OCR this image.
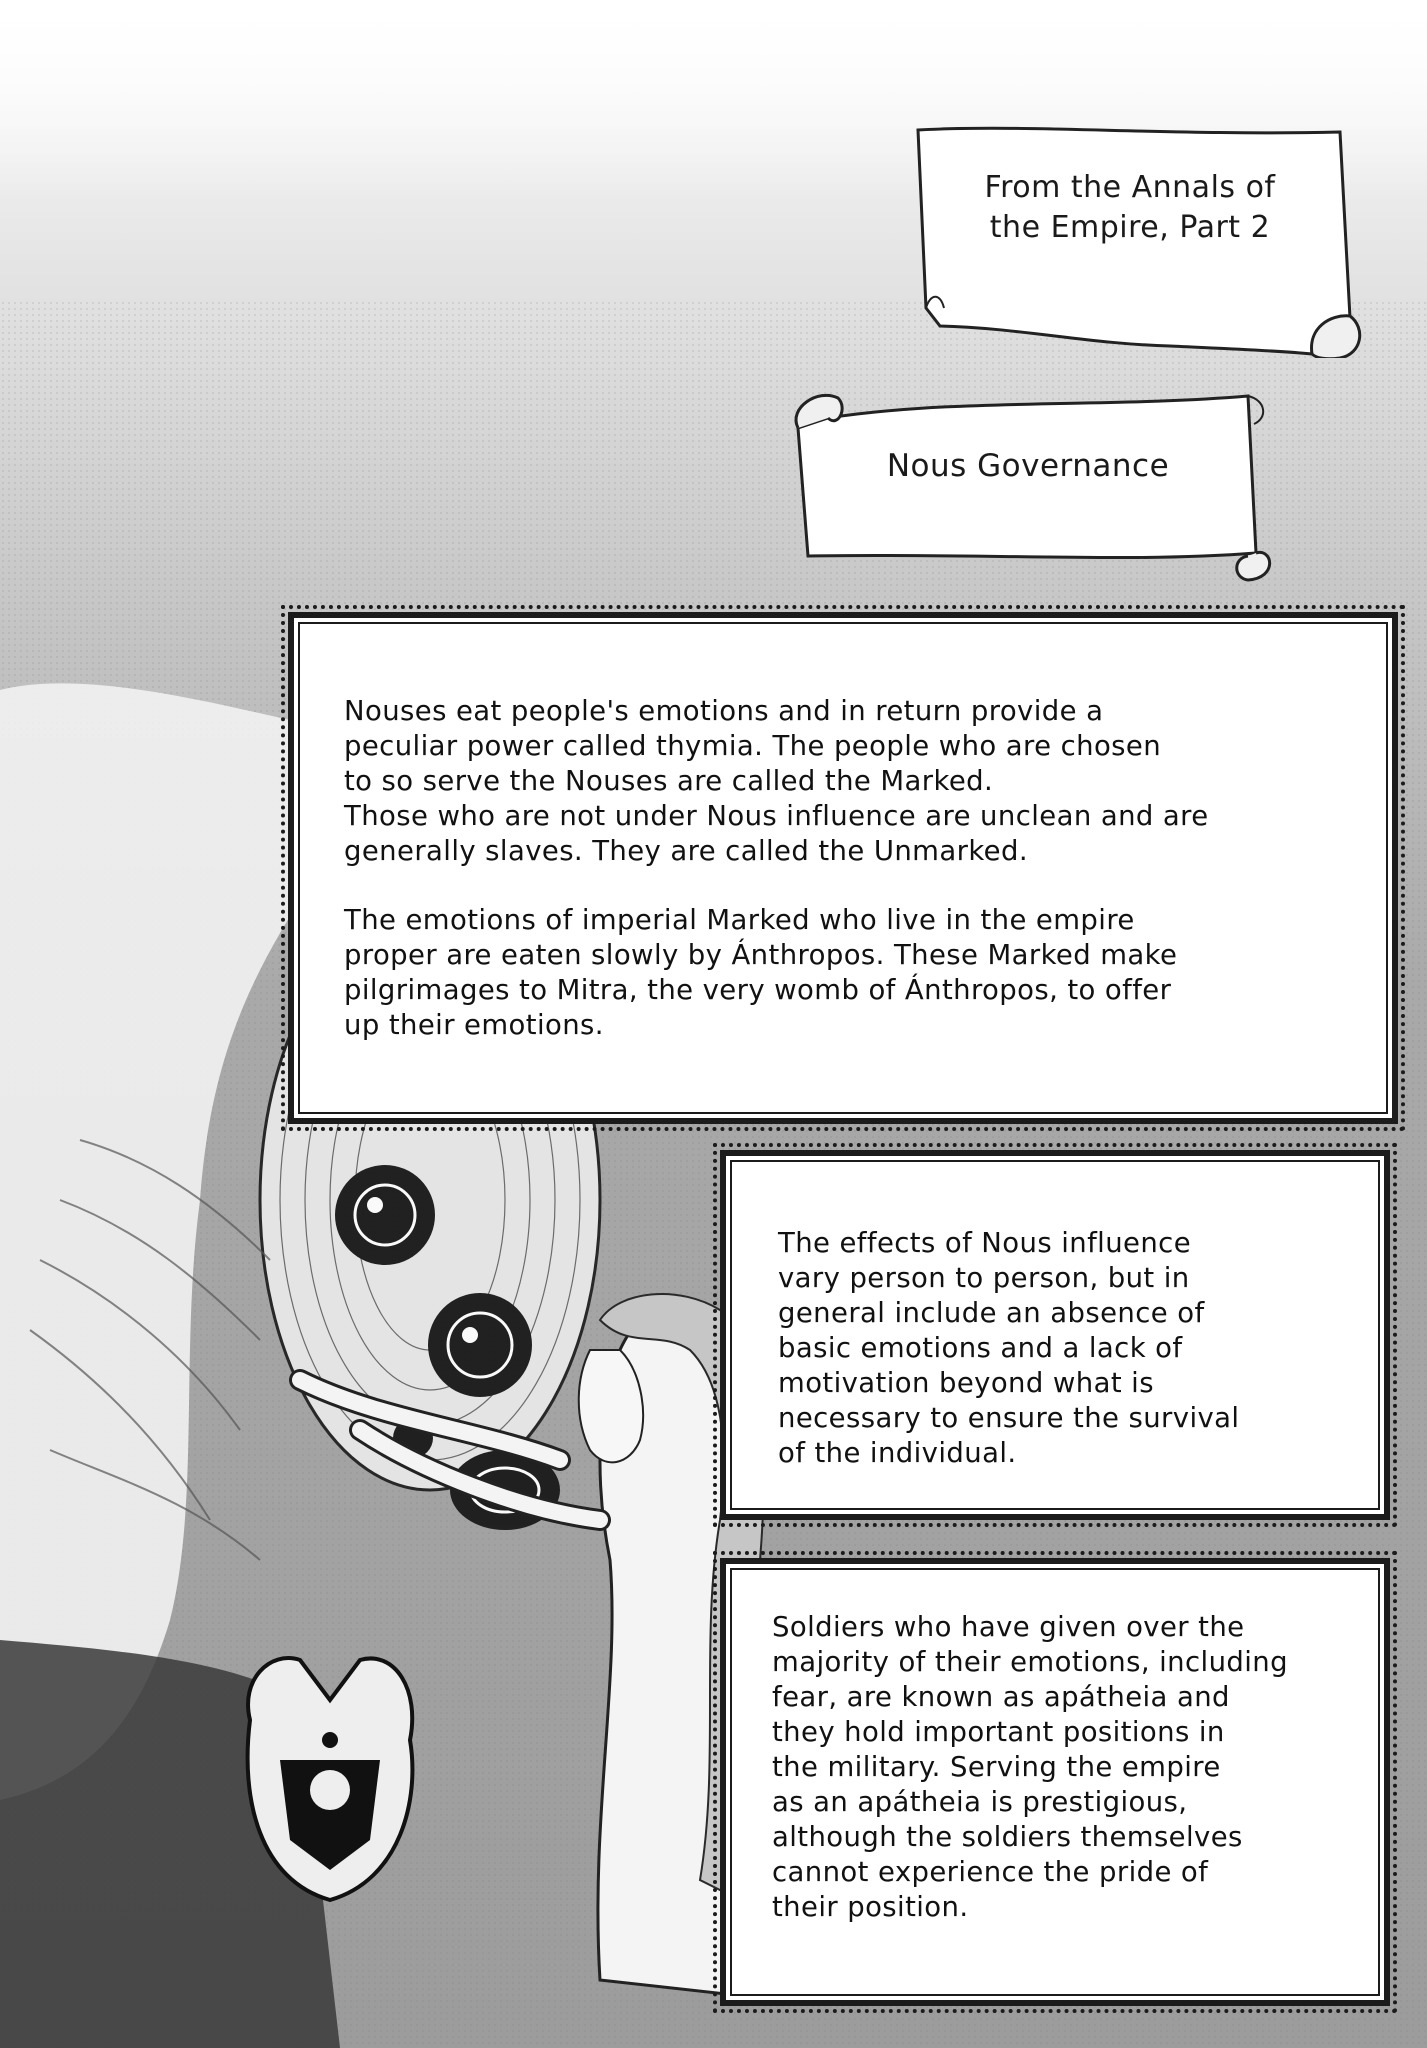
From the Annals of
the Empire, Part 2
Nous Governance

Nouses eat people's emotions and in return provide a
peculiar power called thymia. The people who are chosen
to so serve the Nouses are called the Marked.
Those who are not under Nous influence are unclean and are
generally slaves. They are called the Unmarked.

The emotions of imperial Marked who live in the empire
proper are eaten slowly by Ánthropos. These Marked make
pilgrimages to Mitra, the very womb of Ánthropos, to offer
up their emotions.

The effects of Nous influence
vary person to person, but in
general include an absence of
basic emotions and a lack of
motivation beyond what is
necessary to ensure the survival
of the individual.

Soldiers who have given over the
majority of their emotions, including
fear, are known as apátheia and
they hold important positions in
the military. Serving the empire
as an apátheia is prestigious,
although the soldiers themselves
cannot experience the pride of
their position.
